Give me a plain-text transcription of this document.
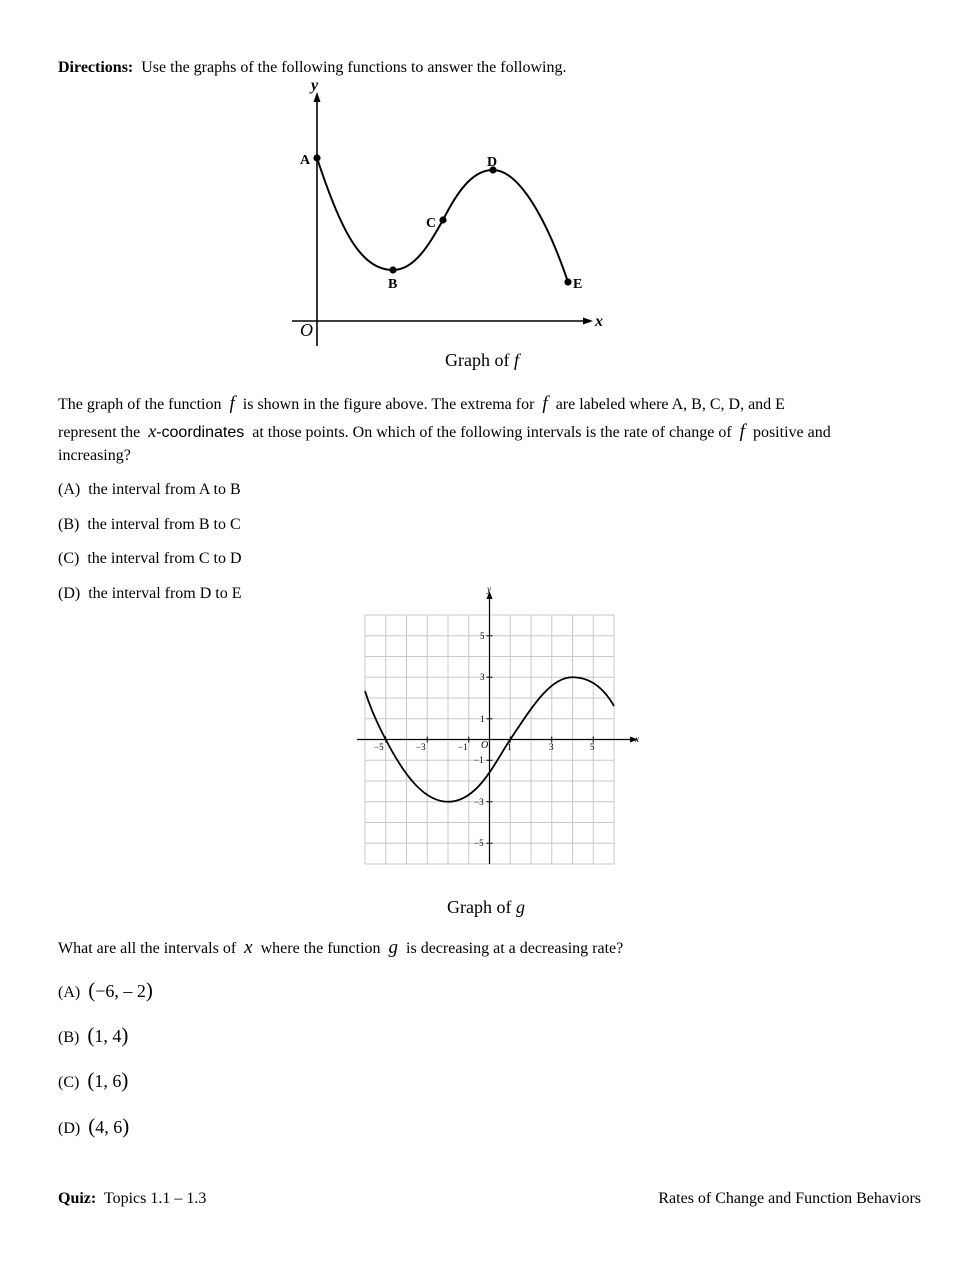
Directions: Use the graphs of the following functions to answer the following.
y
x
O
A
B
C
D
E
Graph of f
The graph of the function f is shown in the figure above. The extrema for f are labeled where A, B, C, D, and E
represent the x-coordinates at those points. On which of the following intervals is the rate of change of f positive and
increasing?
(A) the interval from A to B
(B) the interval from B to C
(C) the interval from C to D
(D) the interval from D to E	y
x
O
−5	−3	−1	1	3	5
5
3
1
−1
−3
−5
Graph of g
What are all the intervals of x where the function g is decreasing at a decreasing rate?
(A) (−6, – 2)
(B) (1, 4)
(C) (1, 6)
(D) (4, 6)
Quiz: Topics 1.1 – 1.3	Rates of Change and Function Behaviors
